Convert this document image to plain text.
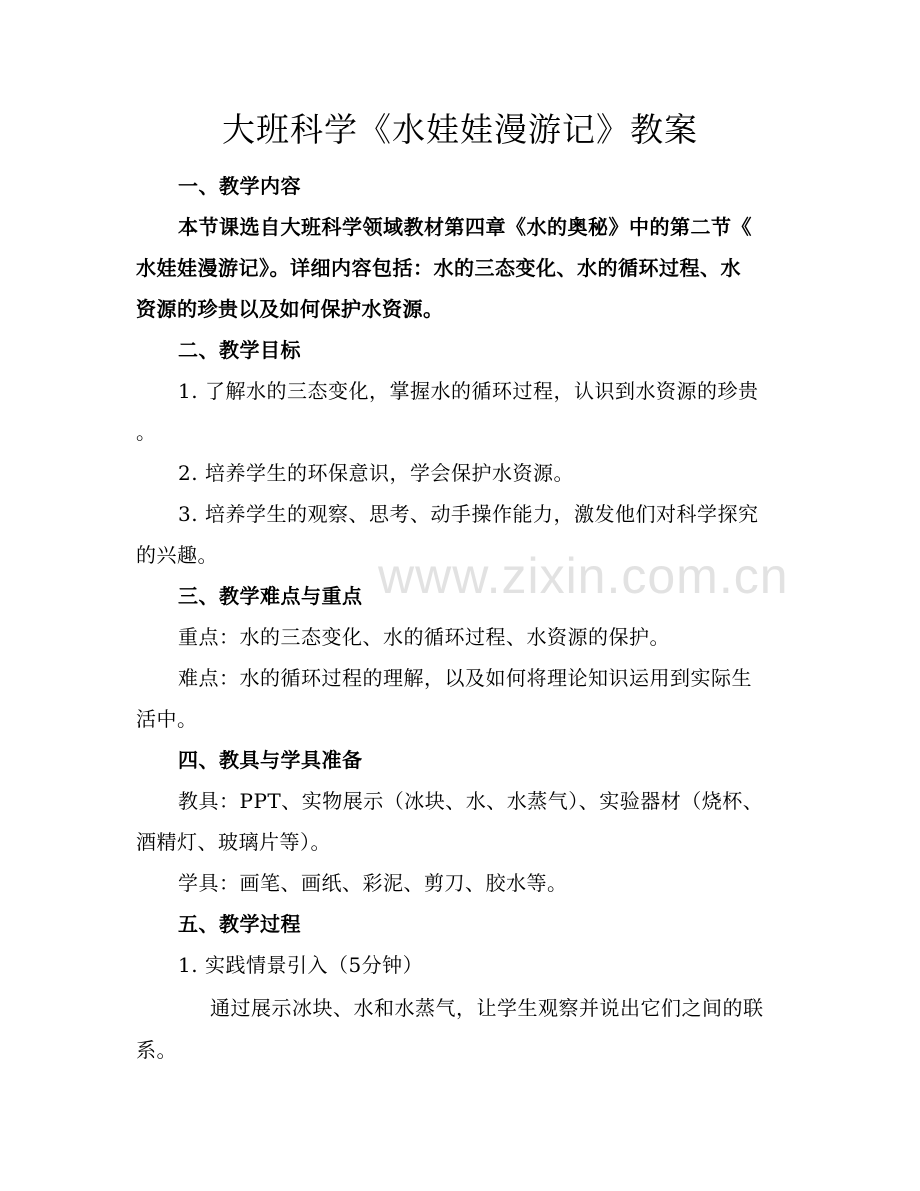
大班科学《水娃娃漫游记》教案
一、教学内容
本节课选自大班科学领域教材第四章《水的奥秘》中的第二节《
水娃娃漫游记》。详细内容包括：水的三态变化、水的循环过程、水
资源的珍贵以及如何保护水资源。
二、教学目标
1. 了解水的三态变化，掌握水的循环过程，认识到水资源的珍贵
。
2. 培养学生的环保意识，学会保护水资源。
3. 培养学生的观察、思考、动手操作能力，激发他们对科学探究
的兴趣。
三、教学难点与重点
重点：水的三态变化、水的循环过程、水资源的保护。
难点：水的循环过程的理解，以及如何将理论知识运用到实际生
活中。
四、教具与学具准备
教具：PPT、实物展示（冰块、水、水蒸气）、实验器材（烧杯、
酒精灯、玻璃片等）。
学具：画笔、画纸、彩泥、剪刀、胶水等。
五、教学过程
1. 实践情景引入（5分钟）
通过展示冰块、水和水蒸气，让学生观察并说出它们之间的联
系。
www.zixin.com.cn
